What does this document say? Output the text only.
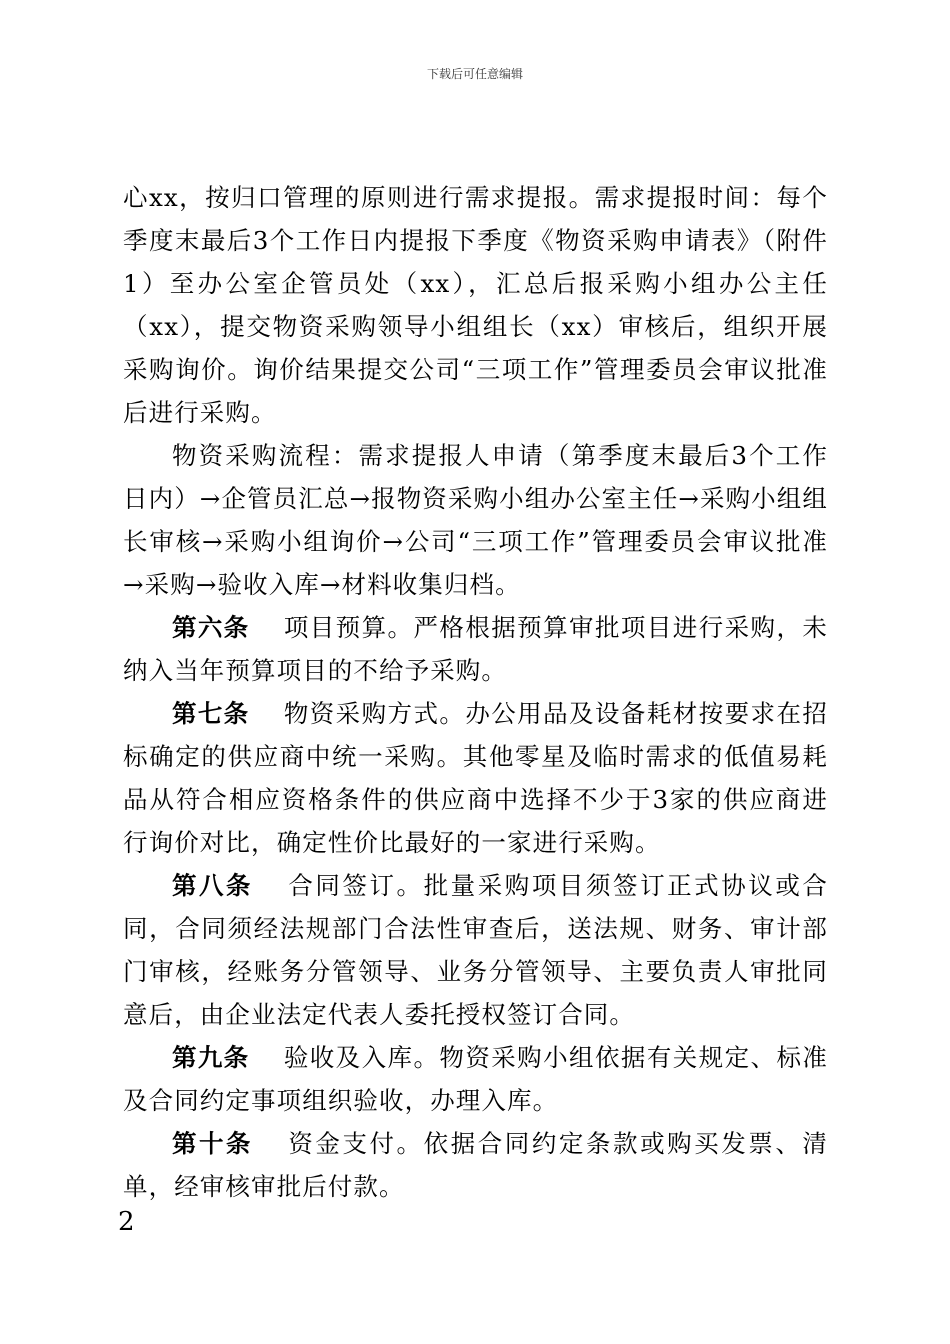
下载后可任意编辑

心xx，按归口管理的原则进行需求提报。需求提报时间：每个季度末最后3个工作日内提报下季度《物资采购申请表》（附件1）至办公室企管员处（xx），汇总后报采购小组办公主任（xx），提交物资采购领导小组组长（xx）审核后，组织开展采购询价。询价结果提交公司“三项工作”管理委员会审议批准后进行采购。

物资采购流程：需求提报人申请（第季度末最后3个工作日内）→企管员汇总→报物资采购小组办公室主任→采购小组组长审核→采购小组询价→公司“三项工作”管理委员会审议批准→采购→验收入库→材料收集归档。

第六条 项目预算。严格根据预算审批项目进行采购，未纳入当年预算项目的不给予采购。

第七条 物资采购方式。办公用品及设备耗材按要求在招标确定的供应商中统一采购。其他零星及临时需求的低值易耗品从符合相应资格条件的供应商中选择不少于3家的供应商进行询价对比，确定性价比最好的一家进行采购。

第八条 合同签订。批量采购项目须签订正式协议或合同，合同须经法规部门合法性审查后，送法规、财务、审计部门审核，经账务分管领导、业务分管领导、主要负责人审批同意后，由企业法定代表人委托授权签订合同。

第九条 验收及入库。物资采购小组依据有关规定、标准及合同约定事项组织验收，办理入库。

第十条 资金支付。依据合同约定条款或购买发票、清单，经审核审批后付款。

2
